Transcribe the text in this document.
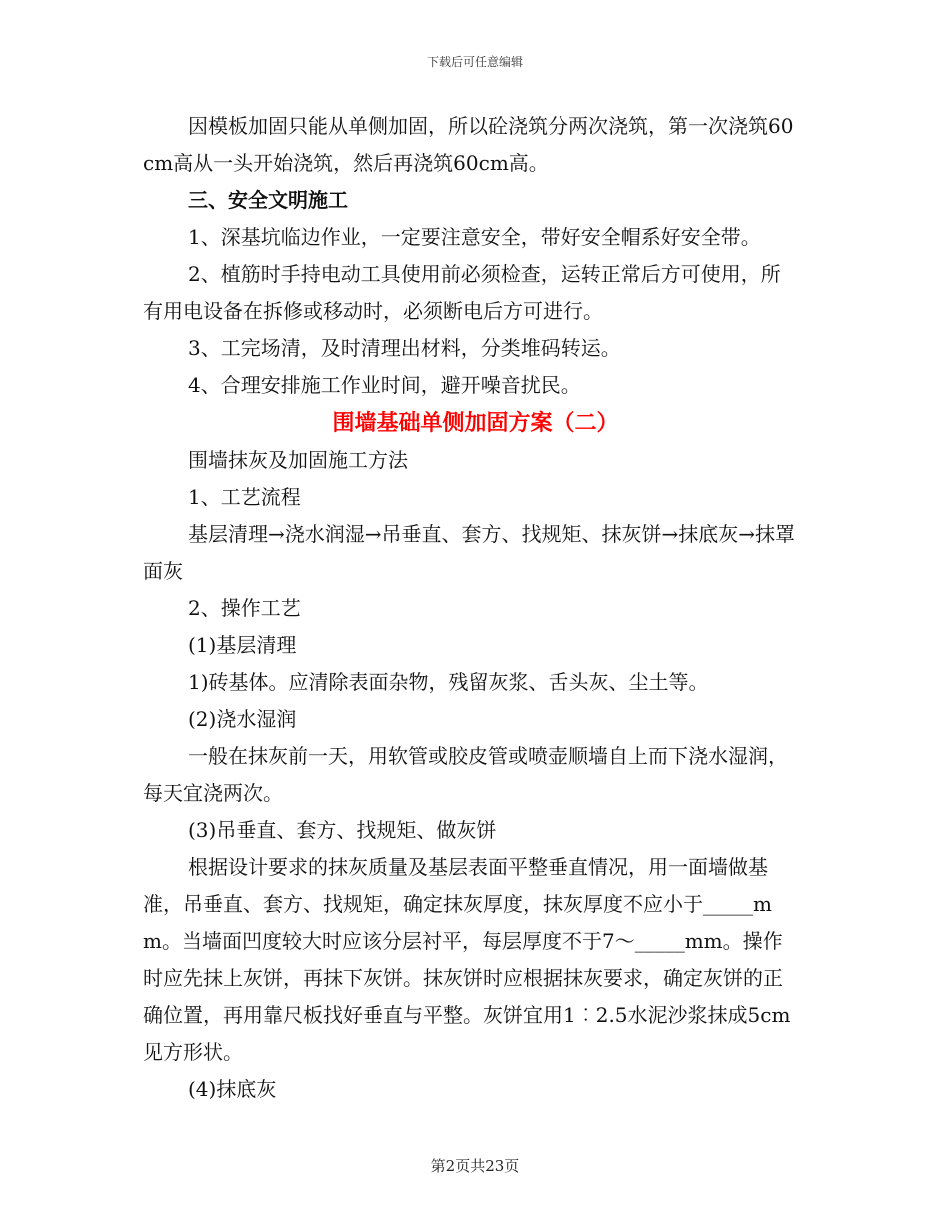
下载后可任意编辑

因模板加固只能从单侧加固，所以砼浇筑分两次浇筑，第一次浇筑60cm高从一头开始浇筑，然后再浇筑60cm高。

三、安全文明施工

1、深基坑临边作业，一定要注意安全，带好安全帽系好安全带。

2、植筋时手持电动工具使用前必须检查，运转正常后方可使用，所有用电设备在拆修或移动时，必须断电后方可进行。

3、工完场清，及时清理出材料，分类堆码转运。

4、合理安排施工作业时间，避开噪音扰民。

围墙基础单侧加固方案（二）

围墙抹灰及加固施工方法

1、工艺流程

基层清理→浇水润湿→吊垂直、套方、找规矩、抹灰饼→抹底灰→抹罩面灰

2、操作工艺

(1)基层清理

1)砖基体。应清除表面杂物，残留灰浆、舌头灰、尘土等。

(2)浇水湿润

一般在抹灰前一天，用软管或胶皮管或喷壶顺墙自上而下浇水湿润，每天宜浇两次。

(3)吊垂直、套方、找规矩、做灰饼

根据设计要求的抹灰质量及基层表面平整垂直情况，用一面墙做基准，吊垂直、套方、找规矩，确定抹灰厚度，抹灰厚度不应小于_____mm。当墙面凹度较大时应该分层衬平，每层厚度不于7～_____mm。操作时应先抹上灰饼，再抹下灰饼。抹灰饼时应根据抹灰要求，确定灰饼的正确位置，再用靠尺板找好垂直与平整。灰饼宜用1︰2.5水泥沙浆抹成5cm见方形状。

(4)抹底灰

第2页共23页
